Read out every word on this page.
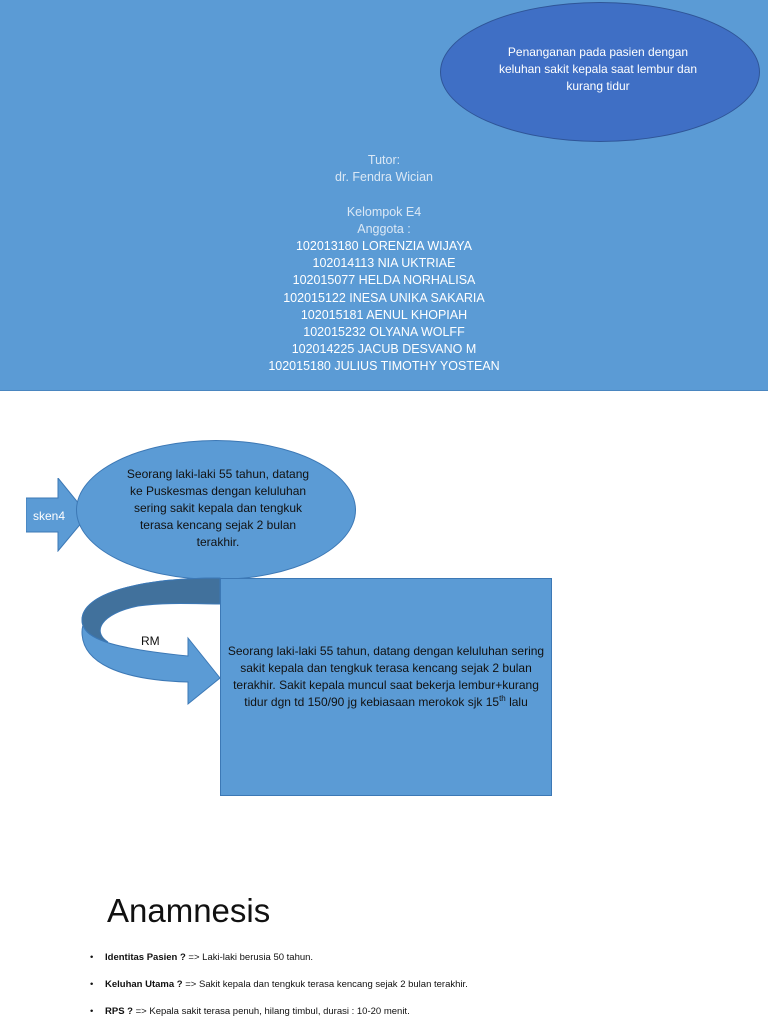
Penanganan pada pasien dengan keluhan sakit kepala saat lembur dan kurang tidur
Tutor:
dr. Fendra Wician
Kelompok E4
Anggota :
102013180 LORENZIA WIJAYA
102014113 NIA UKTRIAE
102015077 HELDA NORHALISA
102015122 INESA UNIKA SAKARIA
102015181 AENUL KHOPIAH
102015232 OLYANA WOLFF
102014225 JACUB DESVANO M
102015180 JULIUS TIMOTHY YOSTEAN
sken4
Seorang laki-laki 55 tahun, datang ke Puskesmas dengan keluluhan sering sakit kepala dan tengkuk terasa kencang sejak 2 bulan terakhir.
RM
Seorang laki-laki 55 tahun, datang dengan keluluhan sering sakit kepala dan tengkuk terasa kencang sejak 2 bulan terakhir. Sakit kepala muncul saat bekerja lembur+kurang tidur dgn td 150/90 jg kebiasaan merokok sjk 15th lalu
Anamnesis
• Identitas Pasien ? => Laki-laki berusia 50 tahun.
• Keluhan Utama ? => Sakit kepala dan tengkuk terasa kencang sejak 2 bulan terakhir.
• RPS ? => Kepala sakit terasa penuh, hilang timbul, durasi : 10-20 menit.
